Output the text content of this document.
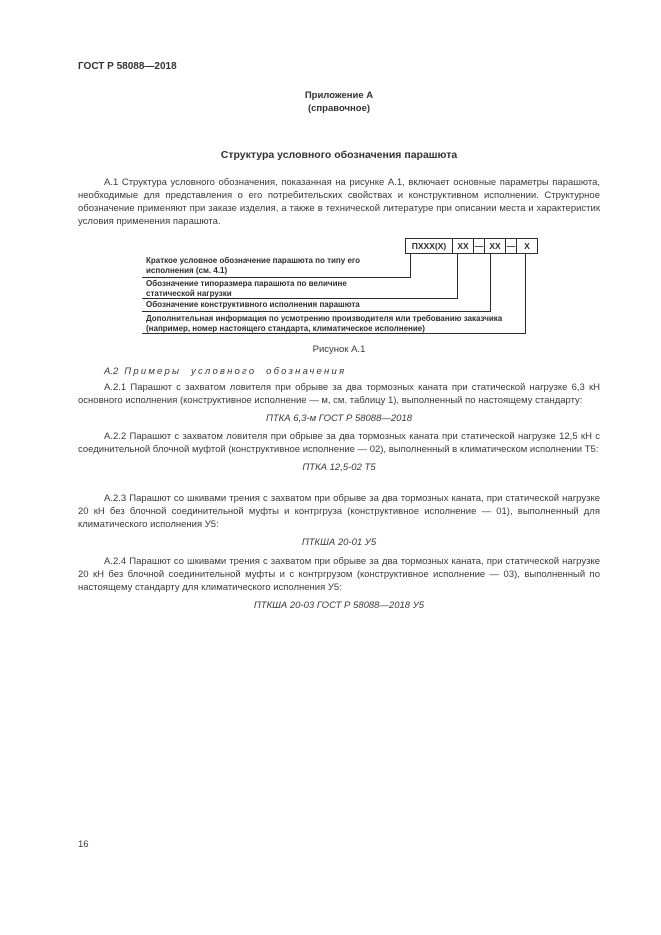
ГОСТ Р 58088—2018
Приложение А
(справочное)
Структура условного обозначения парашюта

А.1 Структура условного обозначения, показанная на рисунке А.1, включает основные параметры парашюта, необходимые для представления о его потребительских свойствах и конструктивном исполнении. Структурное обозначение применяют при заказе изделия, а также в технической литературе при описании места и характеристик условия применения парашюта.

ПХХХ(Х)	ХХ — ХХ —	Х
Краткое условное обозначение парашюта по типу его исполнения (см. 4.1)
Обозначение типоразмера парашюта по величине статической нагрузки
Обозначение конструктивного исполнения парашюта
Дополнительная информация по усмотрению производителя или требованию заказчика (например, номер настоящего стандарта, климатическое исполнение)
Рисунок А.1
А.2 Примеры условного обозначения

А.2.1 Парашют с захватом ловителя при обрыве за два тормозных каната при статической нагрузке 6,3 кН основного исполнения (конструктивное исполнение — м, см. таблицу 1), выполненный по настоящему стандарту:

ПТКА 6,3-м ГОСТ Р 58088—2018

А.2.2 Парашют с захватом ловителя при обрыве за два тормозных каната при статической нагрузке 12,5 кН с соединительной блочной муфтой (конструктивное исполнение — 02), выполненный в климатическом исполнении Т5:

ПТКА 12,5-02 Т5

А.2.3 Парашют со шкивами трения с захватом при обрыве за два тормозных каната, при статической нагрузке 20 кН без блочной соединительной муфты и контргруза (конструктивное исполнение — 01), выполненный для климатического исполнения У5:

ПТКША 20-01 У5

А.2.4 Парашют со шкивами трения с захватом при обрыве за два тормозных каната, при статической нагрузке 20 кН без блочной соединительной муфты и с контргрузом (конструктивное исполнение — 03), выполненный по настоящему стандарту для климатического исполнения У5:

ПТКША 20-03 ГОСТ Р 58088—2018 У5
16
